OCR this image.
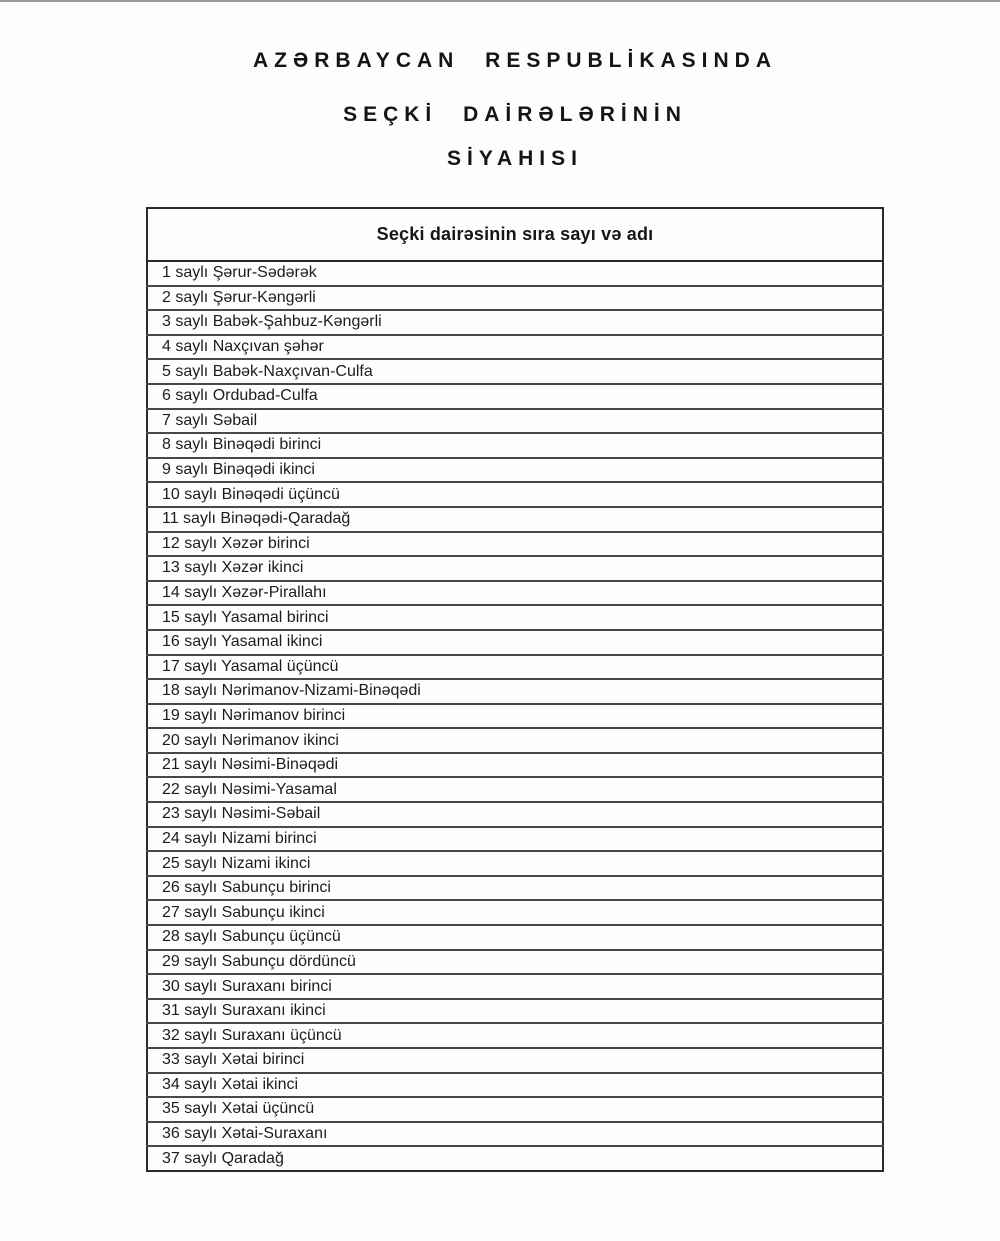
AZƏRBAYCAN RESPUBLİKASINDA
SEÇKİ DAİRƏLƏRİNİN
SİYAHISI
Seçki dairəsinin sıra sayı və adı
1 saylı Şərur-Sədərək
2 saylı Şərur-Kəngərli
3 saylı Babək-Şahbuz-Kəngərli
4 saylı Naxçıvan şəhər
5 saylı Babək-Naxçıvan-Culfa
6 saylı Ordubad-Culfa
7 saylı Səbail
8 saylı Binəqədi birinci
9 saylı Binəqədi ikinci
10 saylı Binəqədi üçüncü
11 saylı Binəqədi-Qaradağ
12 saylı Xəzər birinci
13 saylı Xəzər ikinci
14 saylı Xəzər-Pirallahı
15 saylı Yasamal birinci
16 saylı Yasamal ikinci
17 saylı Yasamal üçüncü
18 saylı Nərimanov-Nizami-Binəqədi
19 saylı Nərimanov birinci
20 saylı Nərimanov ikinci
21 saylı Nəsimi-Binəqədi
22 saylı Nəsimi-Yasamal
23 saylı Nəsimi-Səbail
24 saylı Nizami birinci
25 saylı Nizami ikinci
26 saylı Sabunçu birinci
27 saylı Sabunçu ikinci
28 saylı Sabunçu üçüncü
29 saylı Sabunçu dördüncü
30 saylı Suraxanı birinci
31 saylı Suraxanı ikinci
32 saylı Suraxanı üçüncü
33 saylı Xətai birinci
34 saylı Xətai ikinci
35 saylı Xətai üçüncü
36 saylı Xətai-Suraxanı
37 saylı Qaradağ
